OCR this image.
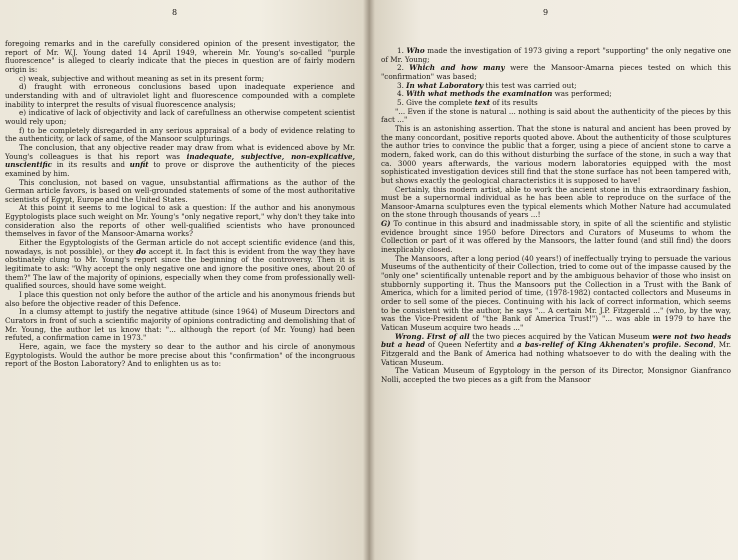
8

foregoing remarks and in the carefully considered opinion of the present investigator, the report of Mr. W.J. Young dated 14 April 1949, wherein Mr. Young's so-called "purple fluorescence" is alleged to clearly indicate that the pieces in question are of fairly modern origin is:

c) weak, subjective and without meaning as set in its present form;

d) fraught with erroneous conclusions based upon inadequate experience and understanding with and of ultraviolet light and fluorescence compounded with a complete inability to interpret the results of visual fluorescence analysis;

e) indicative of lack of objectivity and lack of carefullness an otherwise competent scientist would rely upon;

f) to be completely disregarded in any serious appraisal of a body of evidence relating to the authenticity, or lack of same, of the Mansoor sculpturings.

The conclusion, that any objective reader may draw from what is evidenced above by Mr. Young's colleagues is that his report was inadequate, subjective, non-explicative, unscientific in its results and unfit to prove or disprove the authenticity of the pieces examined by him.

This conclusion, not based on vague, unsubstantial affirmations as the author of the German article favors, is based on well-grounded statements of some of the most authoritative scientists of Egypt, Europe and the United States.

At this point it seems to me logical to ask a question: If the author and his anonymous Egyptologists place such weight on Mr. Young's "only negative report," why don't they take into consideration also the reports of other well-qualified scientists who have pronounced themselves in favor of the Mansoor-Amarna works?

Either the Egyptologists of the German article do not accept scientific evidence (and this, nowadays, is not possible), or they do accept it. In fact this is evident from the way they have obstinately clung to Mr. Young's report since the beginning of the controversy. Then it is legitimate to ask: "Why accept the only negative one and ignore the positive ones, about 20 of them?" The law of the majority of opinions, especially when they come from professionally well-qualified sources, should have some weight.

I place this question not only before the author of the article and his anonymous friends but also before the objective reader of this Defence.

In a clumsy attempt to justify the negative attitude (since 1964) of Museum Directors and Curators in front of such a scientific majority of opinions contradicting and demolishing that of Mr. Young, the author let us know that: "... although the report (of Mr. Young) had been refuted, a confirmation came in 1973."

Here, again, we face the mystery so dear to the author and his circle of anonymous Egyptologists. Would the author be more precise about this "confirmation" of the incongruous report of the Boston Laboratory? And to enlighten us as to:

9

1. Who made the investigation of 1973 giving a report "supporting" the only negative one of Mr. Young;

2. Which and how many were the Mansoor-Amarna pieces tested on which this "confirmation" was based;

3. In what Laboratory this test was carried out;

4. With what methods the examination was performed;

5. Give the complete text of its results

"... Even if the stone is natural ... nothing is said about the authenticity of the pieces by this fact ..."

This is an astonishing assertion. That the stone is natural and ancient has been proved by the many concordant, positive reports quoted above. About the authenticity of those sculptures the author tries to convince the public that a forger, using a piece of ancient stone to carve a modern, faked work, can do this without disturbing the surface of the stone, in such a way that ca. 3000 years afterwards, the various modern laboratories equipped with the most sophisticated investigation devices still find that the stone surface has not been tampered with, but shows exactly the geological characteristics it is supposed to have!

Certainly, this modern artist, able to work the ancient stone in this extraordinary fashion, must be a supernormal individual as he has been able to reproduce on the surface of the Mansoor-Amarna sculptures even the typical elements which Mother Nature had accumulated on the stone through thousands of years ...!

G) To continue in this absurd and inadmissable story, in spite of all the scientific and stylistic evidence brought since 1950 before Directors and Curators of Museums to whom the Collection or part of it was offered by the Mansoors, the latter found (and still find) the doors inexplicably closed.

The Mansoors, after a long period (40 years!) of ineffectually trying to persuade the various Museums of the authenticity of their Collection, tried to come out of the impasse caused by the "only one" scientifically untenable report and by the ambiguous behavior of those who insist on stubbornly supporting it. Thus the Mansoors put the Collection in a Trust with the Bank of America, which for a limited period of time, (1978-1982) contacted collectors and Museums in order to sell some of the pieces. Continuing with his lack of correct information, which seems to be consistent with the author, he says "... A certain Mr. J.P. Fitzgerald ..." (who, by the way, was the Vice-President of "the Bank of America Trust!") "... was able in 1979 to have the Vatican Museum acquire two heads ..."

Wrong. First of all the two pieces acquired by the Vatican Museum were not two heads but a head of Queen Nefertity and a bas-relief of King Akhenaten's profile. Second, Mr. Fitzgerald and the Bank of America had nothing whatsoever to do with the dealing with the Vatican Museum.

The Vatican Museum of Egyptology in the person of its Director, Monsignor Gianfranco Nolli, accepted the two pieces as a gift from the Mansoor
